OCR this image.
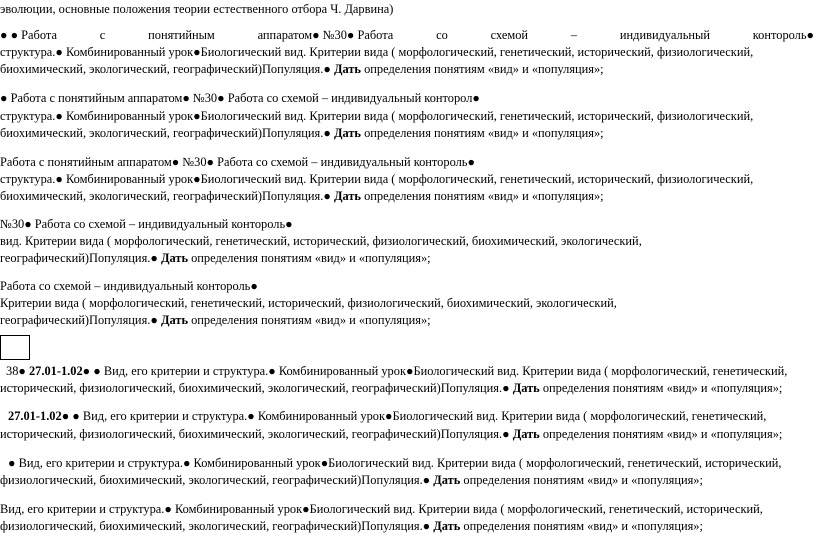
эволюции, основные положения теории естественного отбора Ч. Дарвина)
● ● Работа	с	понятийным	аппаратом● №30● Работа	со	схемой	–	индивидуальный	контороль●
структура.● Комбинированный урок●Биологический вид. Критерии вида ( морфологический, генетический, исторический, физиологический,
биохимический, экологический, географический)Популяция.● Дать определения понятиям «вид» и «популяция»;
● Работа с понятийным аппаратом● №30● Работа со схемой – индивидуальный конторол●
структура.● Комбинированный урок●Биологический вид. Критерии вида ( морфологический, генетический, исторический, физиологический,
биохимический, экологический, географический)Популяция.● Дать определения понятиям «вид» и «популяция»;
Работа с понятийным аппаратом● №30● Работа со схемой – индивидуальный контороль●
структура.● Комбинированный урок●Биологический вид. Критерии вида ( морфологический, генетический, исторический, физиологический,
биохимический, экологический, географический)Популяция.● Дать определения понятиям «вид» и «популяция»;
№30● Работа со схемой – индивидуальный контороль●
вид. Критерии вида ( морфологический, генетический, исторический, физиологический, биохимический, экологический,
географический)Популяция.● Дать определения понятиям «вид» и «популяция»;
Работа со схемой – индивидуальный контороль●
Критерии вида ( морфологический, генетический, исторический, физиологический, биохимический, экологический,
географический)Популяция.● Дать определения понятиям «вид» и «популяция»;
38● 27.01-1.02● ● Вид, его критерии и структура.● Комбинированный урок●Биологический вид. Критерии вида ( морфологический, генетический,
исторический, физиологический, биохимический, экологический, географический)Популяция.● Дать определения понятиям «вид» и «популяция»;
27.01-1.02● ● Вид, его критерии и структура.● Комбинированный урок●Биологический вид. Критерии вида ( морфологический, генетический,
исторический, физиологический, биохимический, экологический, географический)Популяция.● Дать определения понятиям «вид» и «популяция»;
● Вид, его критерии и структура.● Комбинированный урок●Биологический вид. Критерии вида ( морфологический, генетический, исторический,
физиологический, биохимический, экологический, географический)Популяция.● Дать определения понятиям «вид» и «популяция»;
Вид, его критерии и структура.● Комбинированный урок●Биологический вид. Критерии вида ( морфологический, генетический, исторический,
физиологический, биохимический, экологический, географический)Популяция.● Дать определения понятиям «вид» и «популяция»;
